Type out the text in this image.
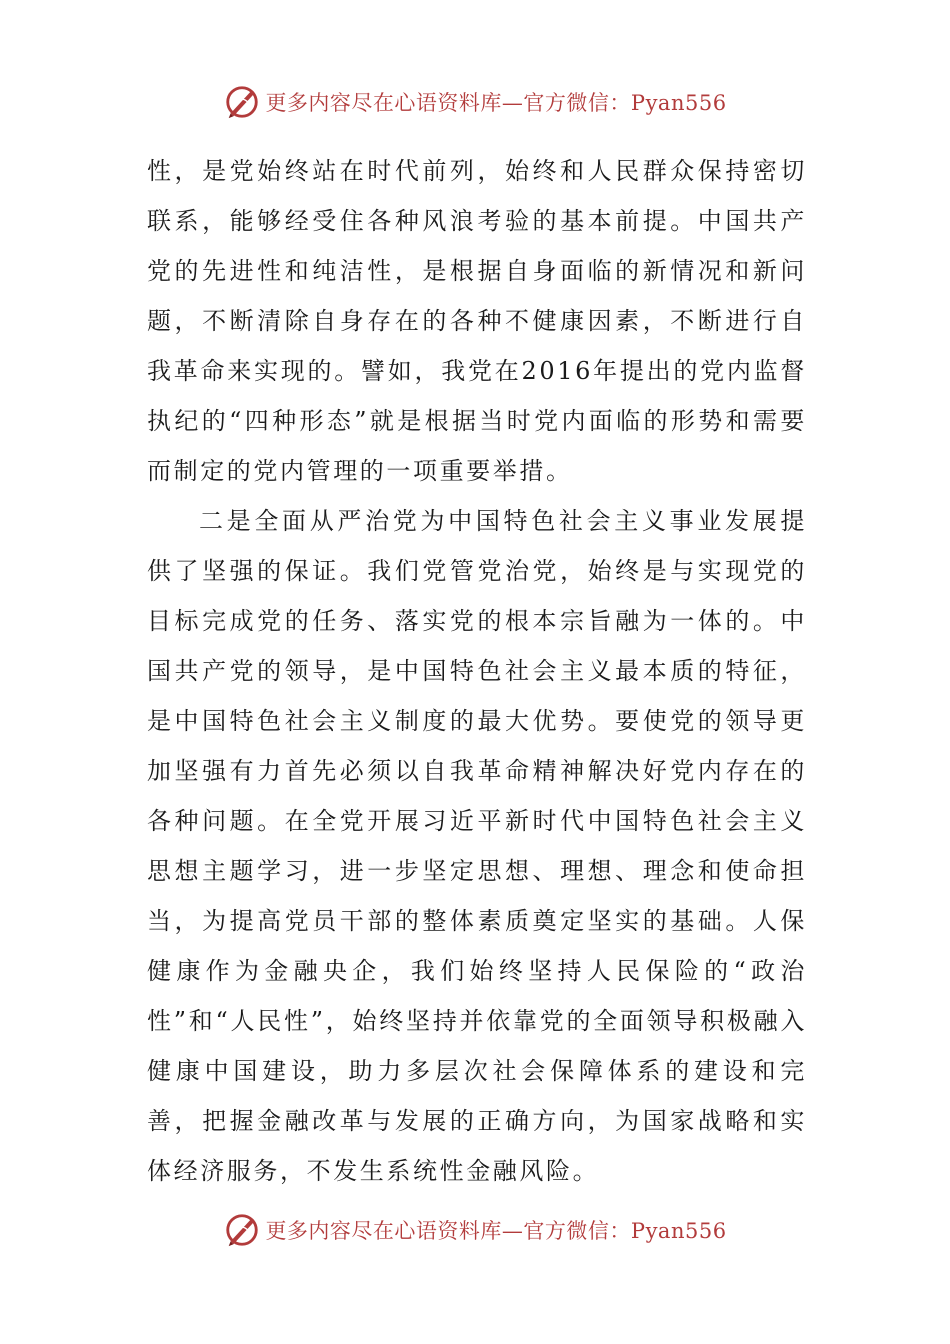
更多内容尽在心语资料库—官方微信：Pyan556

性，是党始终站在时代前列，始终和人民群众保持密切联系，能够经受住各种风浪考验的基本前提。中国共产党的先进性和纯洁性，是根据自身面临的新情况和新问题，不断清除自身存在的各种不健康因素，不断进行自我革命来实现的。譬如，我党在2016年提出的党内监督执纪的“四种形态”就是根据当时党内面临的形势和需要而制定的党内管理的一项重要举措。

二是全面从严治党为中国特色社会主义事业发展提供了坚强的保证。我们党管党治党，始终是与实现党的目标完成党的任务、落实党的根本宗旨融为一体的。中国共产党的领导，是中国特色社会主义最本质的特征，是中国特色社会主义制度的最大优势。要使党的领导更加坚强有力首先必须以自我革命精神解决好党内存在的各种问题。在全党开展习近平新时代中国特色社会主义思想主题学习，进一步坚定思想、理想、理念和使命担当，为提高党员干部的整体素质奠定坚实的基础。人保健康作为金融央企，我们始终坚持人民保险的“政治性”和“人民性”，始终坚持并依靠党的全面领导积极融入健康中国建设，助力多层次社会保障体系的建设和完善，把握金融改革与发展的正确方向，为国家战略和实体经济服务，不发生系统性金融风险。

更多内容尽在心语资料库—官方微信：Pyan556
